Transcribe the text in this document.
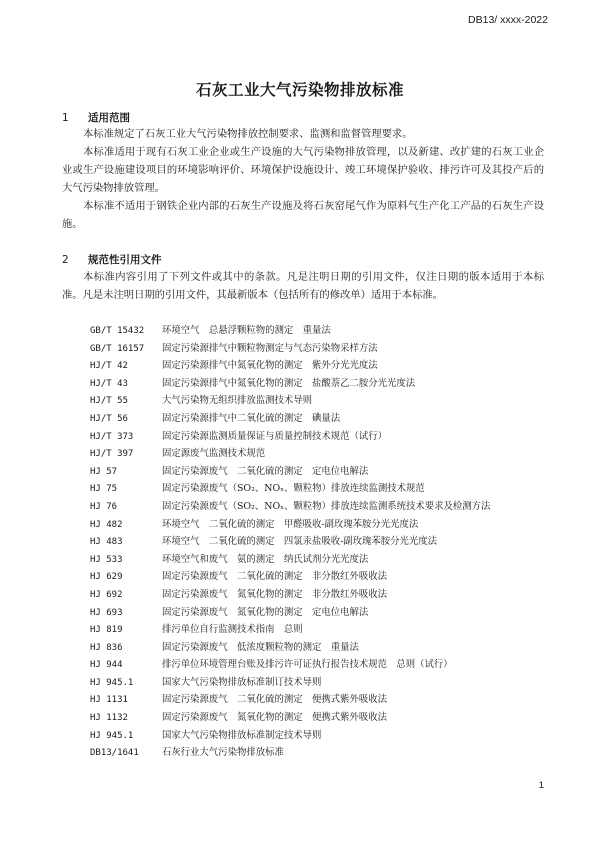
DB13/ xxxx-2022
石灰工业大气污染物排放标准
1 适用范围

本标准规定了石灰工业大气污染物排放控制要求、监测和监督管理要求。

本标准适用于现有石灰工业企业或生产设施的大气污染物排放管理，以及新建、改扩建的石灰工业企业或生产设施建设项目的环境影响评价、环境保护设施设计、竣工环境保护验收、排污许可及其投产后的大气污染物排放管理。

本标准不适用于钢铁企业内部的石灰生产设施及将石灰窑尾气作为原料气生产化工产品的石灰生产设施。

2 规范性引用文件

本标准内容引用了下列文件或其中的条款。凡是注明日期的引用文件，仅注日期的版本适用于本标准。凡是未注明日期的引用文件，其最新版本（包括所有的修改单）适用于本标准。

GB/T 15432 环境空气　总悬浮颗粒物的测定　重量法
GB/T 16157 固定污染源排气中颗粒物测定与气态污染物采样方法
HJ/T 42	固定污染源排气中氮氧化物的测定　紫外分光光度法
HJ/T 43	固定污染源排气中氮氧化物的测定　盐酸萘乙二胺分光光度法
HJ/T 55	大气污染物无组织排放监测技术导则
HJ/T 56	固定污染源排气中二氧化硫的测定　碘量法
HJ/T 373	固定污染源监测质量保证与质量控制技术规范（试行）
HJ/T 397	固定源废气监测技术规范
HJ 57	固定污染源废气　二氧化硫的测定　定电位电解法
HJ 75	固定污染源废气（SO₂、NOₓ、颗粒物）排放连续监测技术规范
HJ 76	固定污染源废气（SO₂、NOₓ、颗粒物）排放连续监测系统技术要求及检测方法
HJ 482	环境空气　二氧化硫的测定　甲醛吸收-副玫瑰苯胺分光光度法
HJ 483	环境空气　二氧化硫的测定　四氯汞盐吸收-副玫瑰苯胺分光光度法
HJ 533	环境空气和废气　氨的测定　纳氏试剂分光光度法
HJ 629	固定污染源废气　二氧化硫的测定　非分散红外吸收法
HJ 692	固定污染源废气　氮氧化物的测定　非分散红外吸收法
HJ 693	固定污染源废气　氮氧化物的测定　定电位电解法
HJ 819	排污单位自行监测技术指南　总则
HJ 836	固定污染源废气　低浓度颗粒物的测定　重量法
HJ 944	排污单位环境管理台账及排污许可证执行报告技术规范　总则（试行）
HJ 945.1	国家大气污染物排放标准制订技术导则
HJ 1131	固定污染源废气　二氧化硫的测定　便携式紫外吸收法
HJ 1132	固定污染源废气　氮氧化物的测定　便携式紫外吸收法
HJ 945.1	国家大气污染物排放标准制定技术导则
DB13/1641 石灰行业大气污染物排放标准
1
